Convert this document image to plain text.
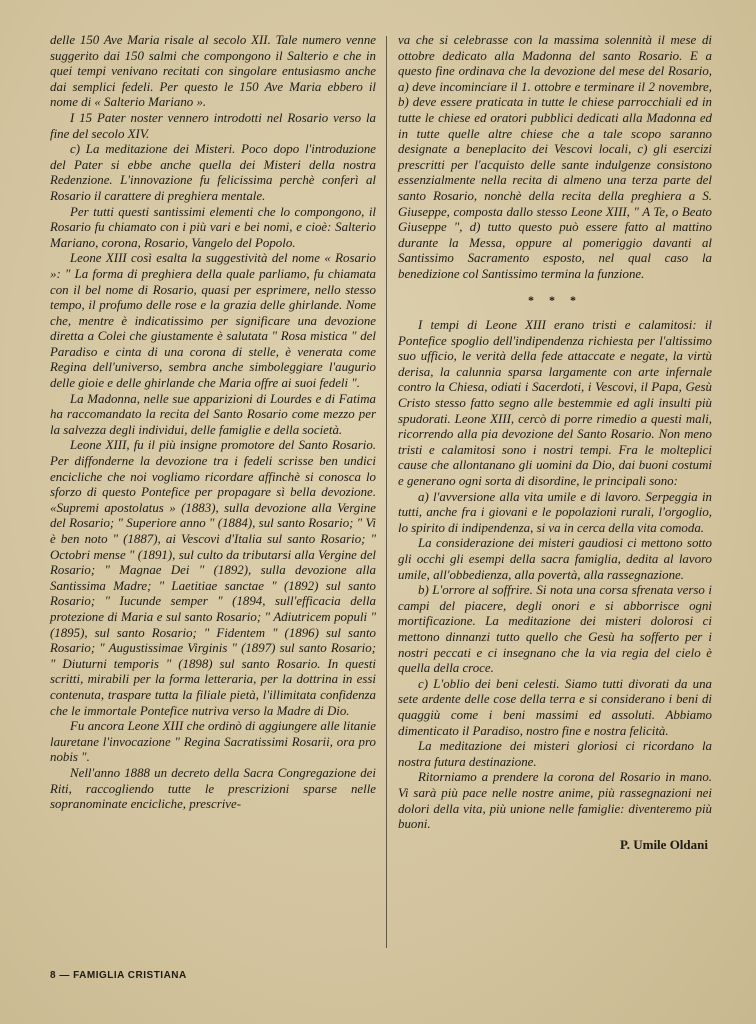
delle 150 Ave Maria risale al secolo XII. Tale numero venne suggerito dai 150 salmi che compongono il Salterio e che in quei tempi venivano recitati con singolare entusiasmo anche dai semplici fedeli. Per questo le 150 Ave Maria ebbero il nome di « Salterio Mariano ».

I 15 Pater noster vennero introdotti nel Rosario verso la fine del secolo XIV.

c) La meditazione dei Misteri. Poco dopo l'introduzione del Pater si ebbe anche quella dei Misteri della nostra Redenzione. L'innovazione fu felicissima perchè conferì al Rosario il carattere di preghiera mentale.

Per tutti questi santissimi elementi che lo compongono, il Rosario fu chiamato con i più vari e bei nomi, e cioè: Salterio Mariano, corona, Rosario, Vangelo del Popolo.

Leone XIII così esalta la suggestività del nome « Rosario »: " La forma di preghiera della quale parliamo, fu chiamata con il bel nome di Rosario, quasi per esprimere, nello stesso tempo, il profumo delle rose e la grazia delle ghirlande. Nome che, mentre è indicatissimo per significare una devozione diretta a Colei che giustamente è salutata " Rosa mistica " del Paradiso e cinta di una corona di stelle, è venerata come Regina dell'universo, sembra anche simboleggiare l'augurio delle gioie e delle ghirlande che Maria offre ai suoi fedeli ".

La Madonna, nelle sue apparizioni di Lourdes e di Fatima ha raccomandato la recita del Santo Rosario come mezzo per la salvezza degli individui, delle famiglie e della società.

Leone XIII, fu il più insigne promotore del Santo Rosario. Per diffonderne la devozione tra i fedeli scrisse ben undici encicliche che noi vogliamo ricordare affinchè si conosca lo sforzo di questo Pontefice per propagare sì bella devozione. «Supremi apostolatus » (1883), sulla devozione alla Vergine del Rosario; " Superiore anno " (1884), sul santo Rosario; " Vi è ben noto " (1887), ai Vescovi d'Italia sul santo Rosario; " Octobri mense " (1891), sul culto da tributarsi alla Vergine del Rosario; " Magnae Dei " (1892), sulla devozione alla Santissima Madre; " Laetitiae sanctae " (1892) sul santo Rosario; " Iucunde semper " (1894, sull'efficacia della protezione di Maria e sul santo Rosario; " Adiutricem populi " (1895), sul santo Rosario; " Fidentem " (1896) sul santo Rosario; " Augustissimae Virginis " (1897) sul santo Rosario; " Diuturni temporis " (1898) sul santo Rosario. In questi scritti, mirabili per la forma letteraria, per la dottrina in essi contenuta, traspare tutta la filiale pietà, l'illimitata confidenza che le immortale Pontefice nutriva verso la Madre di Dio.

Fu ancora Leone XIII che ordinò di aggiungere alle litanie lauretane l'invocazione " Regina Sacratissimi Rosarii, ora pro nobis ".

Nell'anno 1888 un decreto della Sacra Congregazione dei Riti, raccogliendo tutte le prescrizioni sparse nelle sopranominate encicliche, prescrive-

va che si celebrasse con la massima solennità il mese di ottobre dedicato alla Madonna del santo Rosario. E a questo fine ordinava che la devozione del mese del Rosario, a) deve incominciare il 1. ottobre e terminare il 2 novembre, b) deve essere praticata in tutte le chiese parrocchiali ed in tutte le chiese ed oratori pubblici dedicati alla Madonna ed in tutte quelle altre chiese che a tale scopo saranno designate a beneplacito dei Vescovi locali, c) gli esercizi prescritti per l'acquisto delle sante indulgenze consistono essenzialmente nella recita di almeno una terza parte del santo Rosario, nonchè della recita della preghiera a S. Giuseppe, composta dallo stesso Leone XIII, " A Te, o Beato Giuseppe ", d) tutto questo può essere fatto al mattino durante la Messa, oppure al pomeriggio davanti al Santissimo Sacramento esposto, nel qual caso la benedizione col Santissimo termina la funzione.

* * *

I tempi di Leone XIII erano tristi e calamitosi: il Pontefice spoglio dell'indipendenza richiesta per l'altissimo suo ufficio, le verità della fede attaccate e negate, la virtù derisa, la calunnia sparsa largamente con arte infernale contro la Chiesa, odiati i Sacerdoti, i Vescovi, il Papa, Gesù Cristo stesso fatto segno alle bestemmie ed agli insulti più spudorati. Leone XIII, cercò di porre rimedio a questi mali, ricorrendo alla pia devozione del Santo Rosario. Non meno tristi e calamitosi sono i nostri tempi. Fra le molteplici cause che allontanano gli uomini da Dio, dai buoni costumi e generano ogni sorta di disordine, le principali sono:

a) l'avversione alla vita umile e di lavoro. Serpeggia in tutti, anche fra i giovani e le popolazioni rurali, l'orgoglio, lo spirito di indipendenza, si va in cerca della vita comoda.

La considerazione dei misteri gaudiosi ci mettono sotto gli occhi gli esempi della sacra famiglia, dedita al lavoro umile, all'obbedienza, alla povertà, alla rassegnazione.

b) L'orrore al soffrire. Si nota una corsa sfrenata verso i campi del piacere, degli onori e si abborrisce ogni mortificazione. La meditazione dei misteri dolorosi ci mettono dinnanzi tutto quello che Gesù ha sofferto per i nostri peccati e ci insegnano che la via regia del cielo è quella della croce.

c) L'oblio dei beni celesti. Siamo tutti divorati da una sete ardente delle cose della terra e si considerano i beni di quaggiù come i beni massimi ed assoluti. Abbiamo dimenticato il Paradiso, nostro fine e nostra felicità.

La meditazione dei misteri gloriosi ci ricordano la nostra futura destinazione.

Ritorniamo a prendere la corona del Rosario in mano. Vi sarà più pace nelle nostre anime, più rassegnazioni nei dolori della vita, più unione nelle famiglie: diventeremo più buoni.

P. Umile Oldani
8 — FAMIGLIA CRISTIANA
